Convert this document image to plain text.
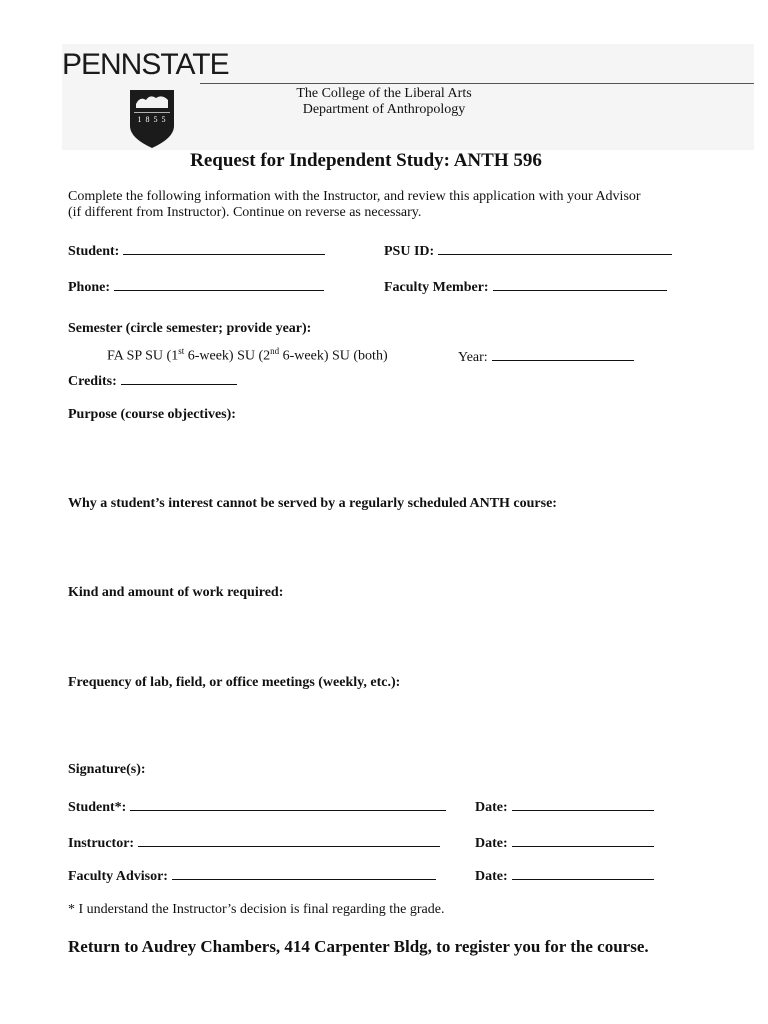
PENNSTATE
1 8 5 5
The College of the Liberal Arts
Department of Anthropology
Request for Independent Study: ANTH 596
Complete the following information with the Instructor, and review this application with your Advisor
(if different from Instructor). Continue on reverse as necessary.
Student:	PSU ID:
Phone:	Faculty Member:
Semester (circle semester; provide year):
FA SP SU (1st 6-week) SU (2nd 6-week) SU (both)	Year:
Credits:
Purpose (course objectives):
Why a student’s interest cannot be served by a regularly scheduled ANTH course:
Kind and amount of work required:
Frequency of lab, field, or office meetings (weekly, etc.):
Signature(s):
Student*:	Date:
Instructor:	Date:
Faculty Advisor:	Date:
* I understand the Instructor’s decision is final regarding the grade.
Return to Audrey Chambers, 414 Carpenter Bldg, to register you for the course.
